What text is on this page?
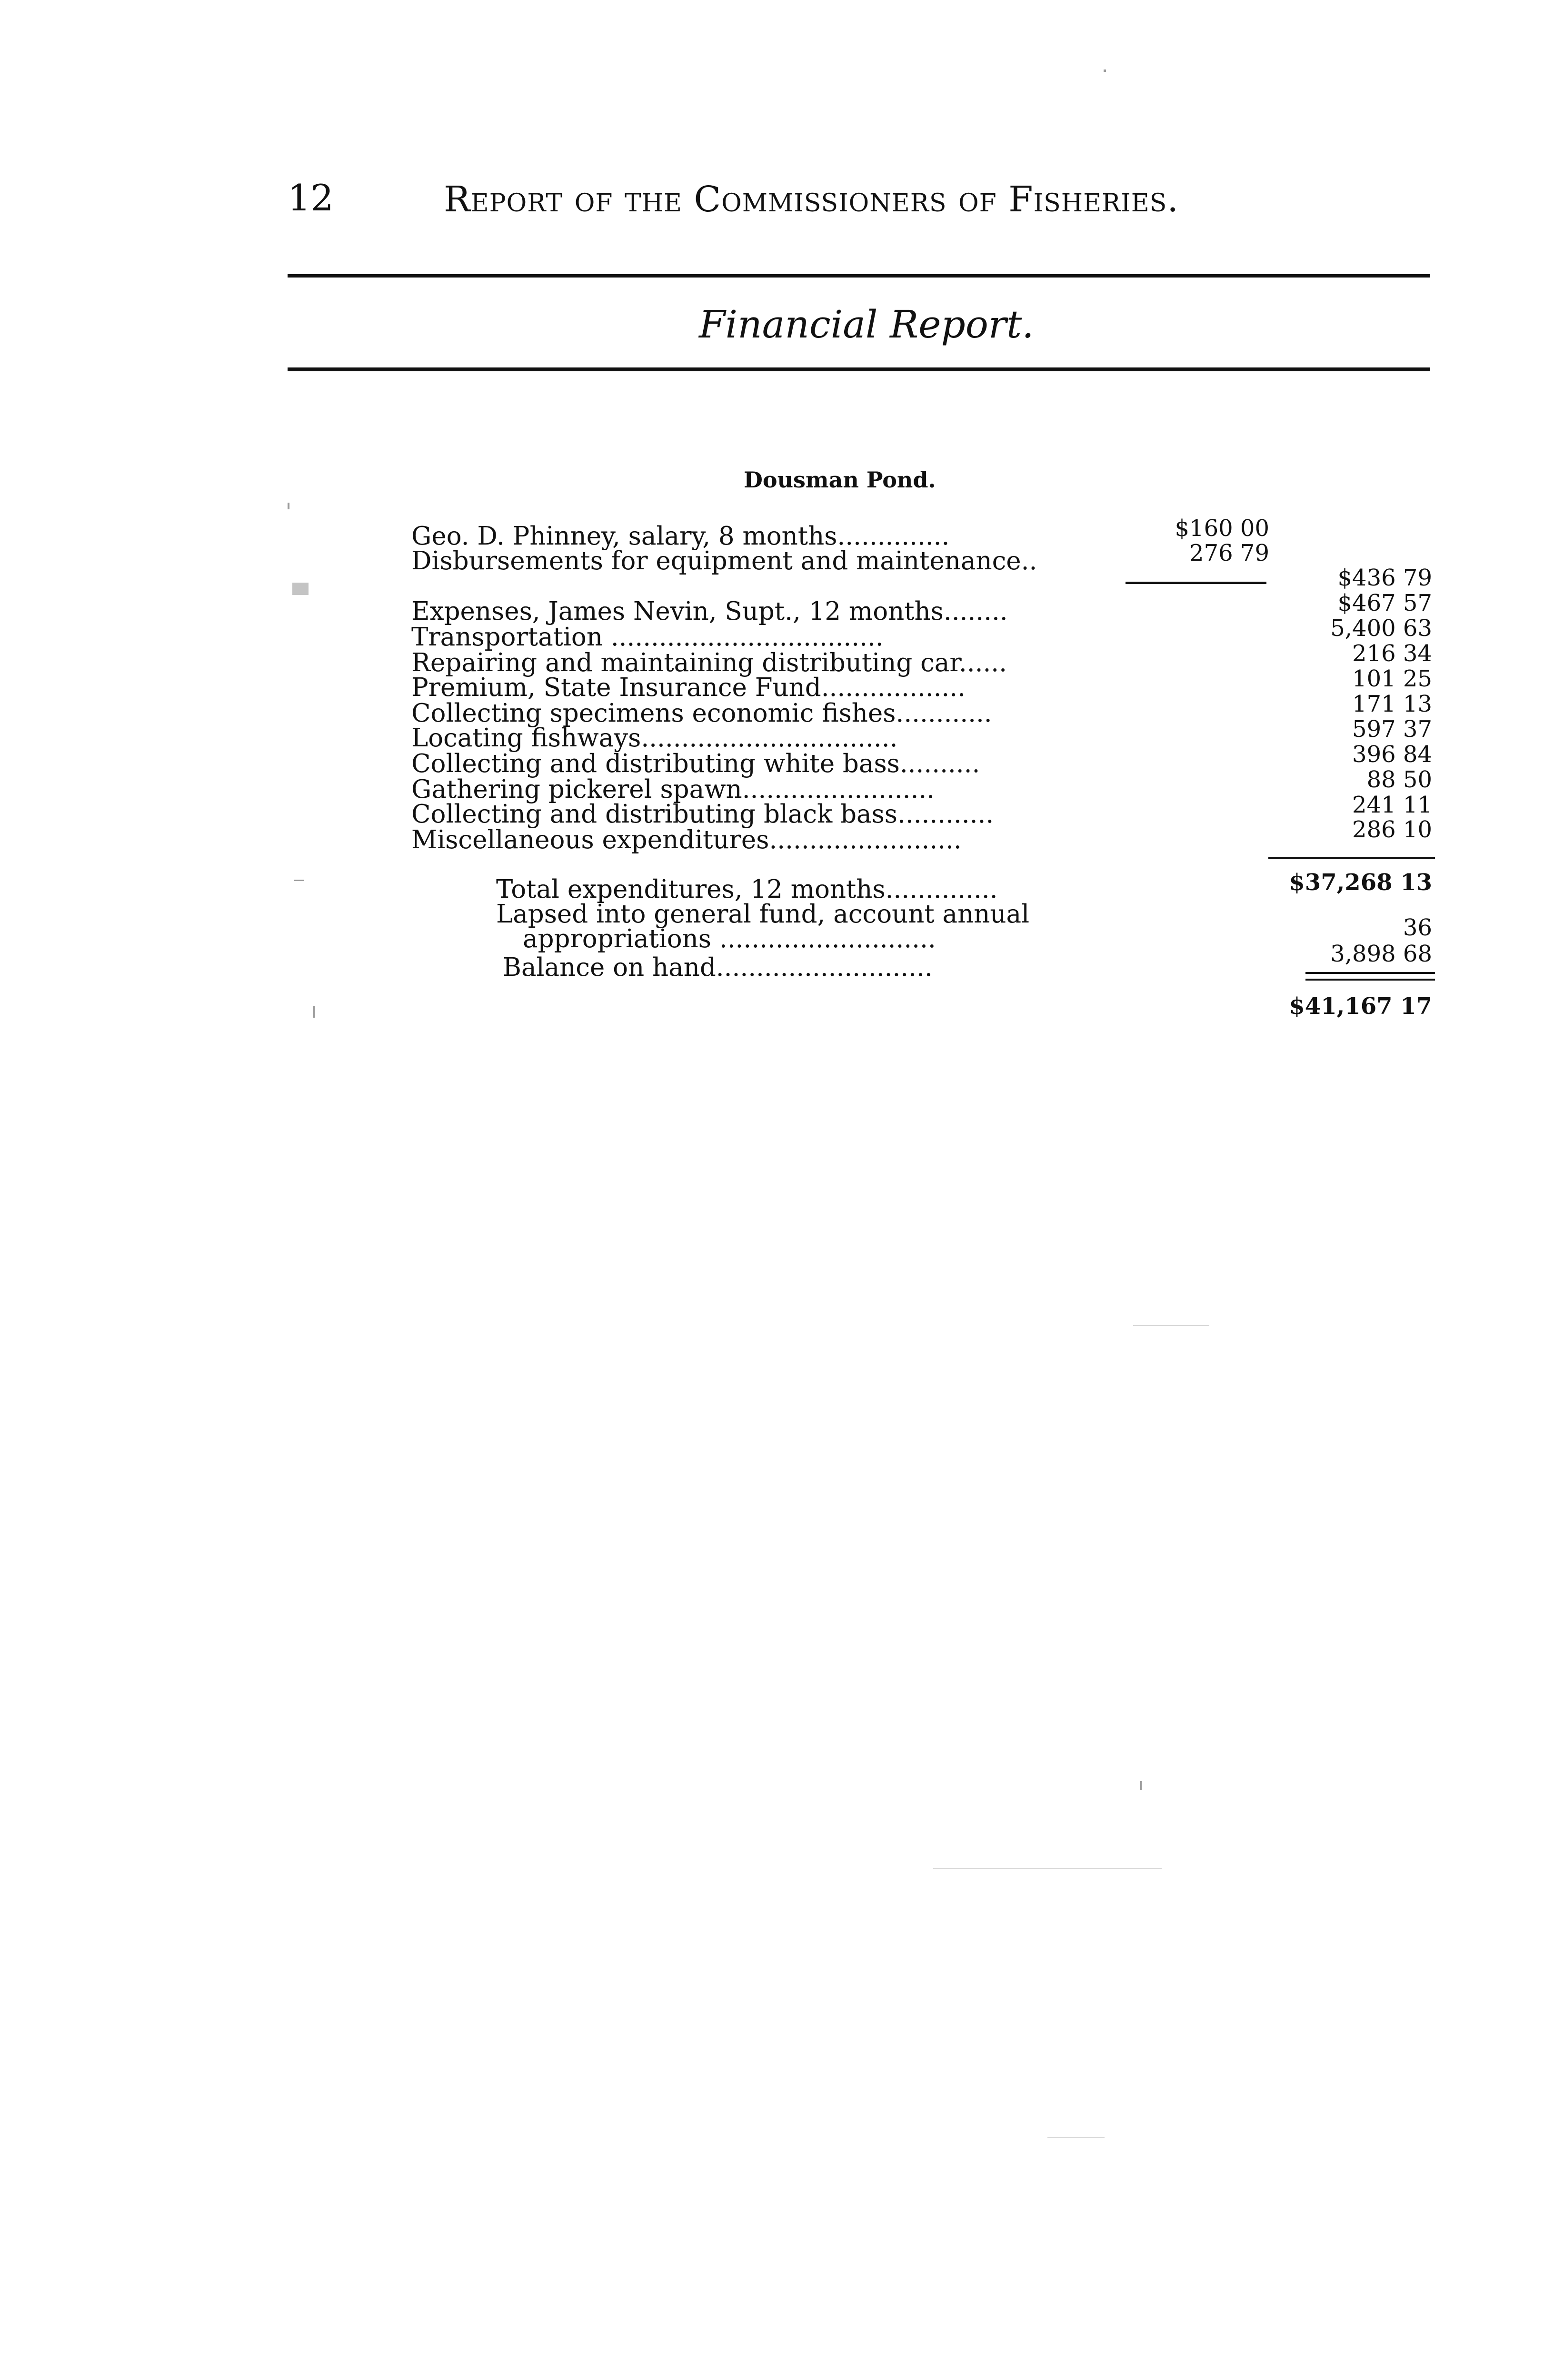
12	Report of the Commissioners of Fisheries.
Financial Report.
Dousman Pond.
Geo. D. Phinney, salary, 8 months..............	$160 00
Disbursements for equipment and maintenance..	276 79
$436 79
Expenses, James Nevin, Supt., 12 months........	$467 57
Transportation ..................................	5,400 63
Repairing and maintaining distributing car......	216 34
Premium, State Insurance Fund..................	101 25
Collecting specimens economic fishes............	171 13
Locating fishways................................	597 37
Collecting and distributing white bass..........	396 84
Gathering pickerel spawn........................	88 50
Collecting and distributing black bass............	241 11
Miscellaneous expenditures........................	286 10
Total expenditures, 12 months..............	$37,268 13
Lapsed into general fund, account annual
appropriations ...........................	36
Balance on hand...........................	3,898 68
$41,167 17
